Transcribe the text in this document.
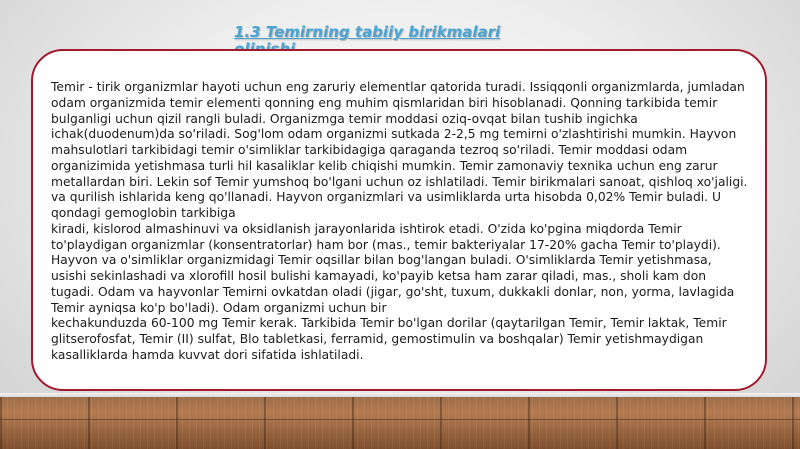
1.3 Temirning tabiiy birikmalari

Temir - tirik organizmlar hayoti uchun eng zaruriy elementlar qatorida turadi. Issiqqonli organizmlarda, jumladan odam organizmida temir elementi qonning eng muhim qismlaridan biri hisoblanadi. Qonning tarkibida temir bulganligi uchun qizil rangli buladi. Organizmga temir moddasi oziq-ovqat bilan tushib ingichka ichak(duodenum)da so'riladi. Sog'lom odam organizmi sutkada 2-2,5 mg temirni o'zlashtirishi mumkin. Hayvon mahsulotlari tarkibidagi temir o'simliklar tarkibidagiga qaraganda tezroq so'riladi. Temir moddasi odam organizimida yetishmasa turli hil kasaliklar kelib chiqishi mumkin. Temir zamonaviy texnika uchun eng zarur metallardan biri. Lekin sof Temir yumshoq bo'lgani uchun oz ishlatiladi. Temir birikmalari sanoat, qishloq xo'jaligi. va qurilish ishlarida keng qo'llanadi. Hayvon organizmlari va usimliklarda urta hisobda 0,02% Temir buladi. U qondagi gemoglobin tarkibiga

kiradi, kislorod almashinuvi va oksidlanish jarayonlarida ishtirok etadi. O'zida ko'pgina miqdorda Temir to'playdigan organizmlar (konsentratorlar) ham bor (mas., temir bakteriyalar 17-20% gacha Temir to'playdi). Hayvon va o'simliklar organizmidagi Temir oqsillar bilan bog'langan buladi. O'simliklarda Temir yetishmasa, usishi sekinlashadi va xlorofill hosil bulishi kamayadi, ko'payib ketsa ham zarar qiladi, mas., sholi kam don tugadi. Odam va hayvonlar Temirni ovkatdan oladi (jigar, go'sht, tuxum, dukkakli donlar, non, yorma, lavlagida Temir ayniqsa ko'p bo'ladi). Odam organizmi uchun bir

kechakunduzda 60-100 mg Temir kerak. Tarkibida Temir bo'lgan dorilar (qaytarilgan Temir, Temir laktak, Temir glitserofosfat, Temir (II) sulfat, Blo tabletkasi, ferramid, gemostimulin va boshqalar) Temir yetishmaydigan kasalliklarda hamda kuvvat dori sifatida ishlatiladi.
